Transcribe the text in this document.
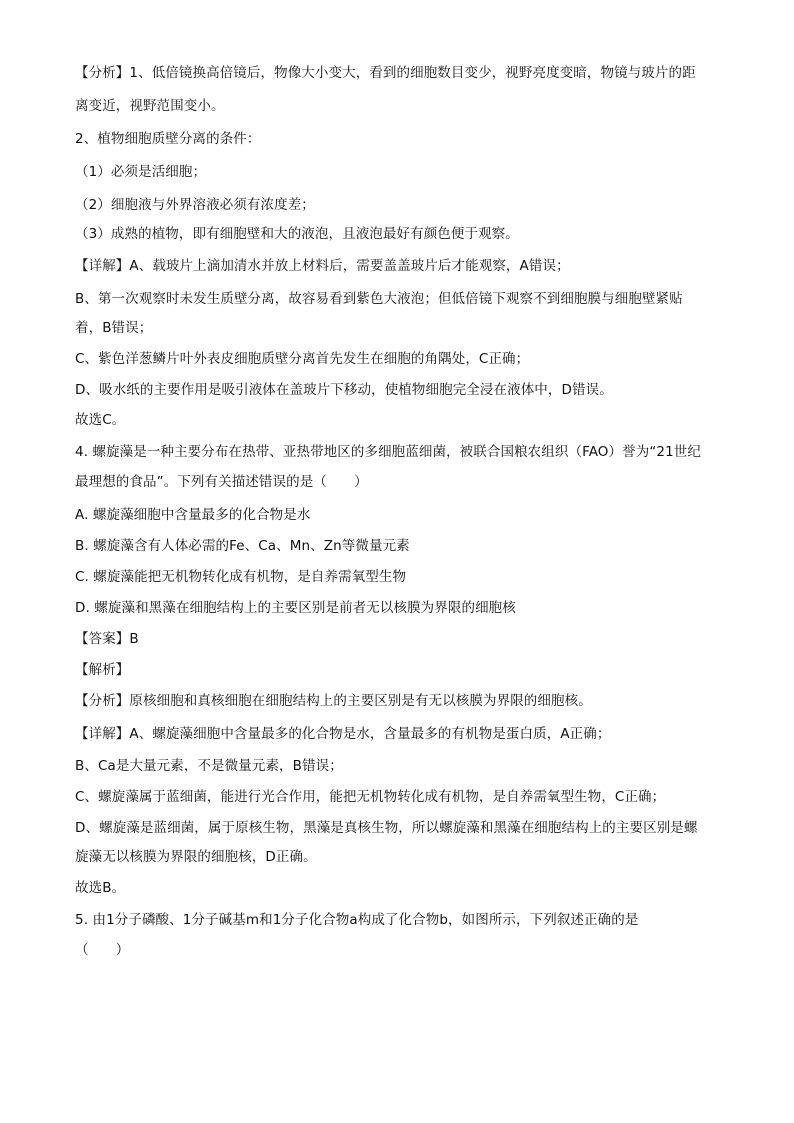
【分析】1、低倍镜换高倍镜后，物像大小变大，看到的细胞数目变少，视野亮度变暗，物镜与玻片的距
离变近，视野范围变小。
2、植物细胞质壁分离的条件：
（1）必须是活细胞；
（2）细胞液与外界溶液必须有浓度差；
（3）成熟的植物，即有细胞壁和大的液泡，且液泡最好有颜色便于观察。
【详解】A、载玻片上滴加清水并放上材料后，需要盖盖玻片后才能观察，A错误；
B、第一次观察时未发生质壁分离，故容易看到紫色大液泡；但低倍镜下观察不到细胞膜与细胞壁紧贴
着，B错误；
C、紫色洋葱鳞片叶外表皮细胞质壁分离首先发生在细胞的角隅处，C正确；
D、吸水纸的主要作用是吸引液体在盖玻片下移动，使植物细胞完全浸在液体中，D错误。
故选C。
4. 螺旋藻是一种主要分布在热带、亚热带地区的多细胞蓝细菌，被联合国粮农组织（FAO）誉为“21世纪
最理想的食品”。下列有关描述错误的是（　　）
A. 螺旋藻细胞中含量最多的化合物是水
B. 螺旋藻含有人体必需的Fe、Ca、Mn、Zn等微量元素
C. 螺旋藻能把无机物转化成有机物，是自养需氧型生物
D. 螺旋藻和黑藻在细胞结构上的主要区别是前者无以核膜为界限的细胞核
【答案】B
【解析】
【分析】原核细胞和真核细胞在细胞结构上的主要区别是有无以核膜为界限的细胞核。
【详解】A、螺旋藻细胞中含量最多的化合物是水，含量最多的有机物是蛋白质，A正确；
B、Ca是大量元素，不是微量元素，B错误；
C、螺旋藻属于蓝细菌，能进行光合作用，能把无机物转化成有机物，是自养需氧型生物，C正确；
D、螺旋藻是蓝细菌，属于原核生物，黑藻是真核生物，所以螺旋藻和黑藻在细胞结构上的主要区别是螺
旋藻无以核膜为界限的细胞核，D正确。
故选B。
5. 由1分子磷酸、1分子碱基m和1分子化合物a构成了化合物b，如图所示，下列叙述正确的是
（　　）
